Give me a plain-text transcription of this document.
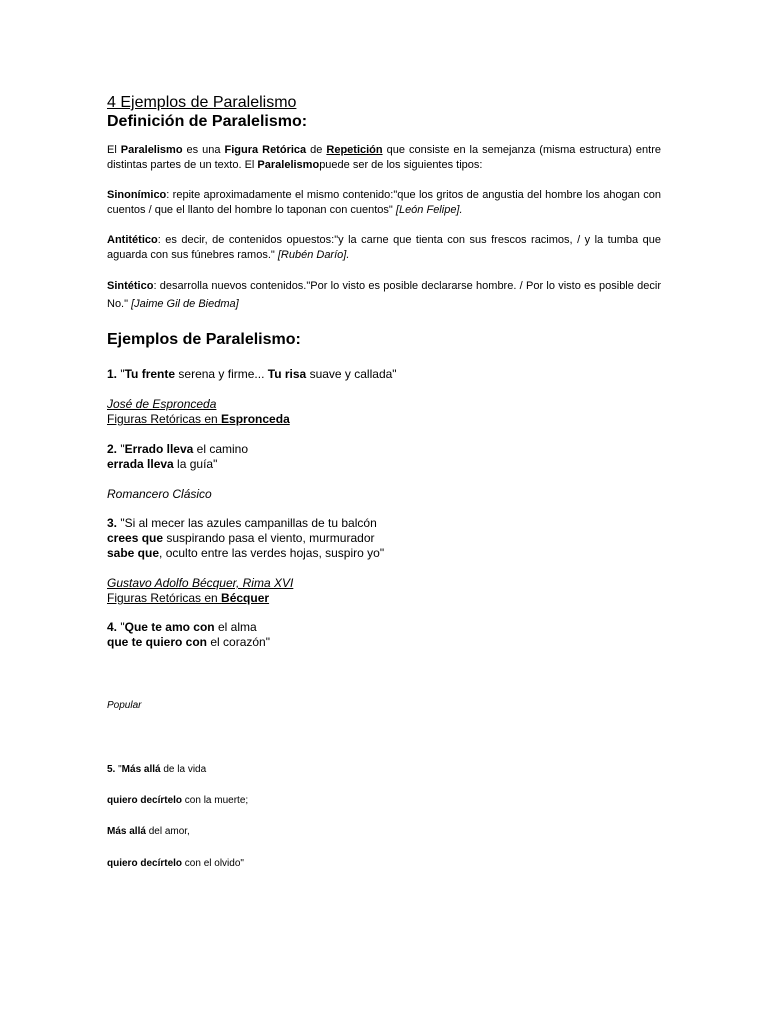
4 Ejemplos de Paralelismo
Definición de Paralelismo:
El Paralelismo es una Figura Retórica de Repetición que consiste en la semejanza (misma estructura) entre distintas partes de un texto. El Paralelismopuede ser de los siguientes tipos:
Sinonímico: repite aproximadamente el mismo contenido:"que los gritos de angustia del hombre los ahogan con cuentos / que el llanto del hombre lo taponan con cuentos" [León Felipe].
Antitético: es decir, de contenidos opuestos:"y la carne que tienta con sus frescos racimos, / y la tumba que aguarda con sus fúnebres ramos." [Rubén Darío].
Sintético: desarrolla nuevos contenidos."Por lo visto es posible declararse hombre. / Por lo visto es posible decir No." [Jaime Gil de Biedma]
Ejemplos de Paralelismo:
1. "Tu frente serena y firme... Tu risa suave y callada"
José de Espronceda
Figuras Retóricas en Espronceda
2. "Errado lleva el camino
errada lleva la guía"
Romancero Clásico
3. "Si al mecer las azules campanillas de tu balcón
crees que suspirando pasa el viento, murmurador
sabe que, oculto entre las verdes hojas, suspiro yo"
Gustavo Adolfo Bécquer, Rima XVI
Figuras Retóricas en Bécquer
4. "Que te amo con el alma
que te quiero con el corazón"
Popular
5. "Más allá de la vida
quiero decírtelo con la muerte;
Más allá del amor,
quiero decírtelo con el olvido"
